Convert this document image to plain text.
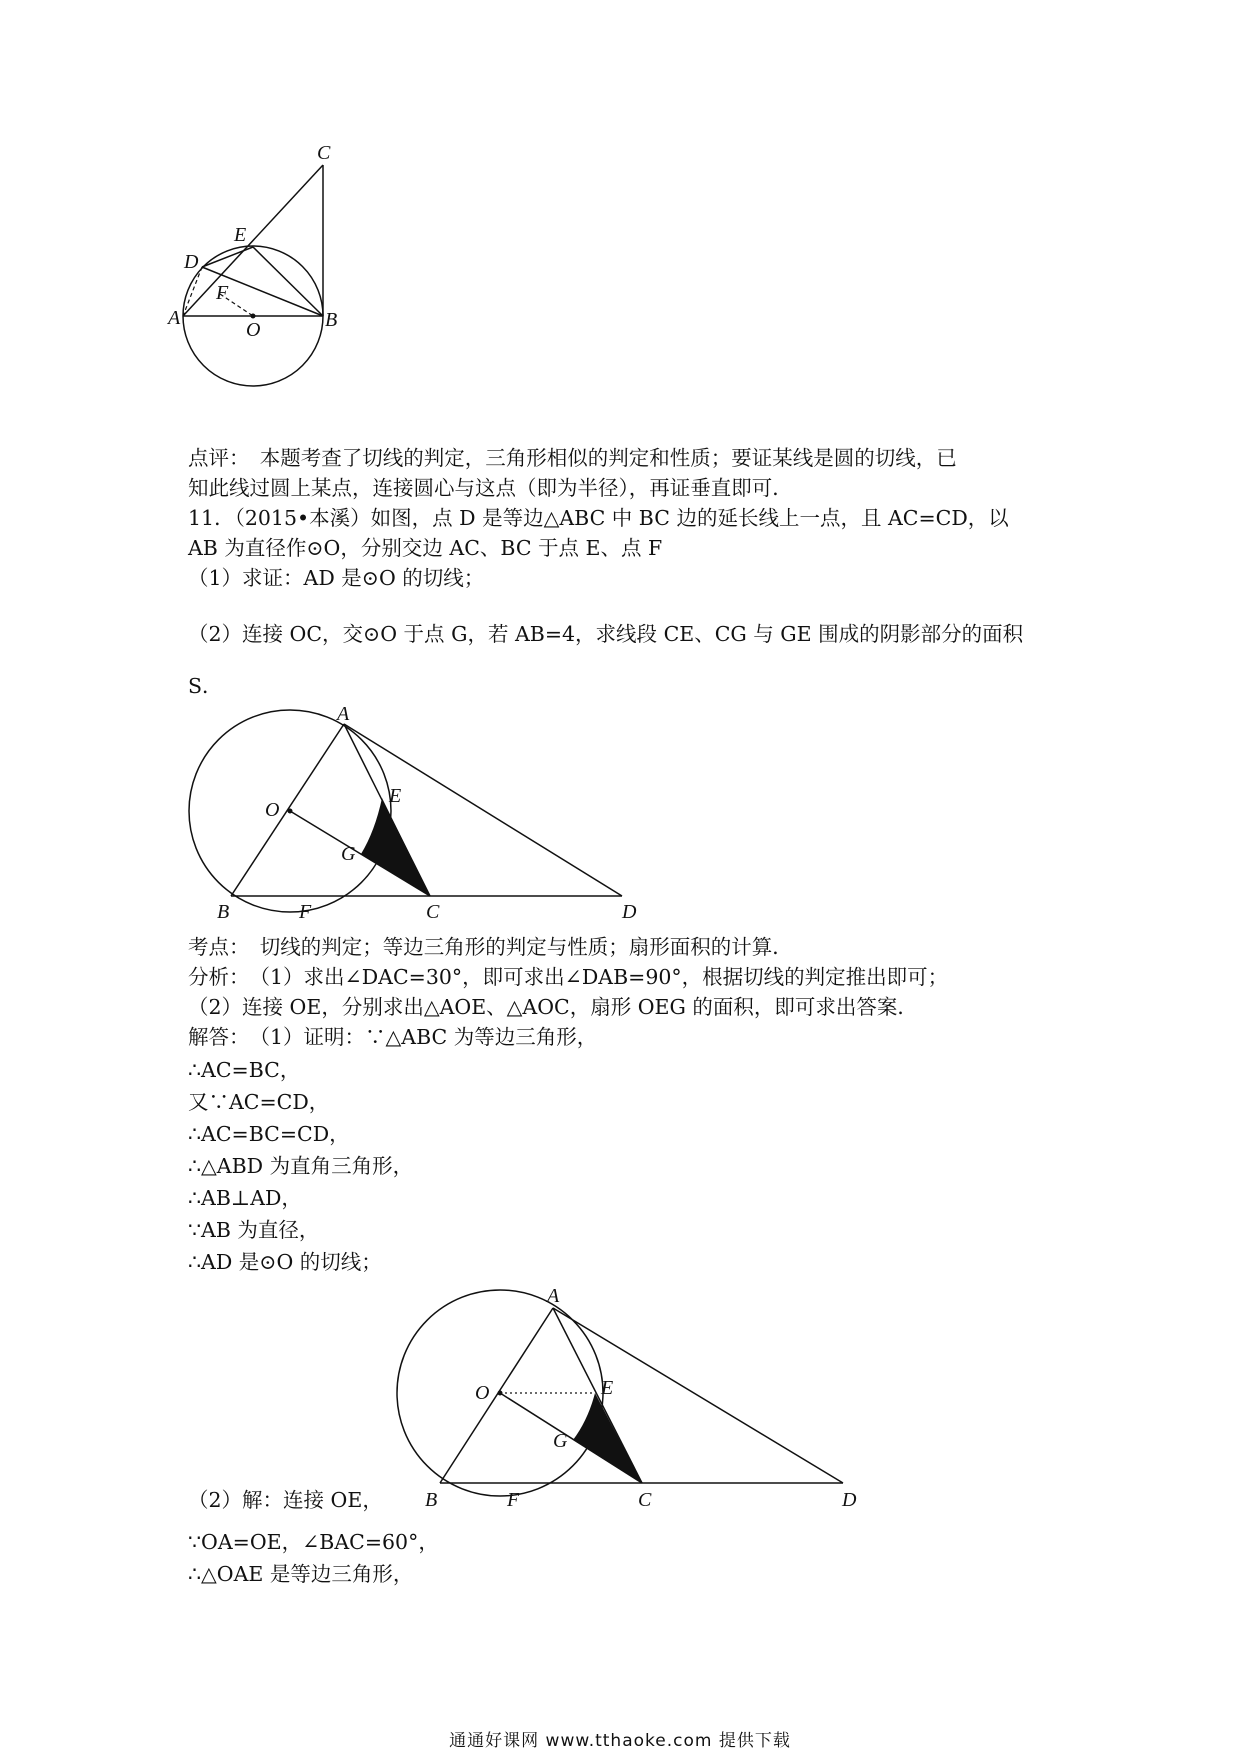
C
E
D
F
A
O	B
点评：　本题考查了切线的判定，三角形相似的判定和性质；要证某线是圆的切线，已
知此线过圆上某点，连接圆心与这点（即为半径），再证垂直即可．
11．（2015•本溪）如图，点 D 是等边△ABC 中 BC 边的延长线上一点，且 AC=CD，以
AB 为直径作⊙O，分别交边 AC、BC 于点 E、点 F
（1）求证：AD 是⊙O 的切线；
（2）连接 OC，交⊙O 于点 G，若 AB=4，求线段 CE、CG 与 GE 围成的阴影部分的面积
S．
A
O
E
G
B	F	C	D
考点：　切线的判定；等边三角形的判定与性质；扇形面积的计算．
分析：　（1）求出∠DAC=30°，即可求出∠DAB=90°，根据切线的判定推出即可；
（2）连接 OE，分别求出△AOE、△AOC，扇形 OEG 的面积，即可求出答案．
解答：　（1）证明：∵△ABC 为等边三角形，
∴AC=BC，
又∵AC=CD，
∴AC=BC=CD，
∴△ABD 为直角三角形，
∴AB⊥AD，
∵AB 为直径，
∴AD 是⊙O 的切线；
A
O	E
G
B	F	C	D
（2）解：连接 OE，
∵OA=OE，∠BAC=60°，
∴△OAE 是等边三角形，
通通好课网 www.tthaoke.com 提供下载
